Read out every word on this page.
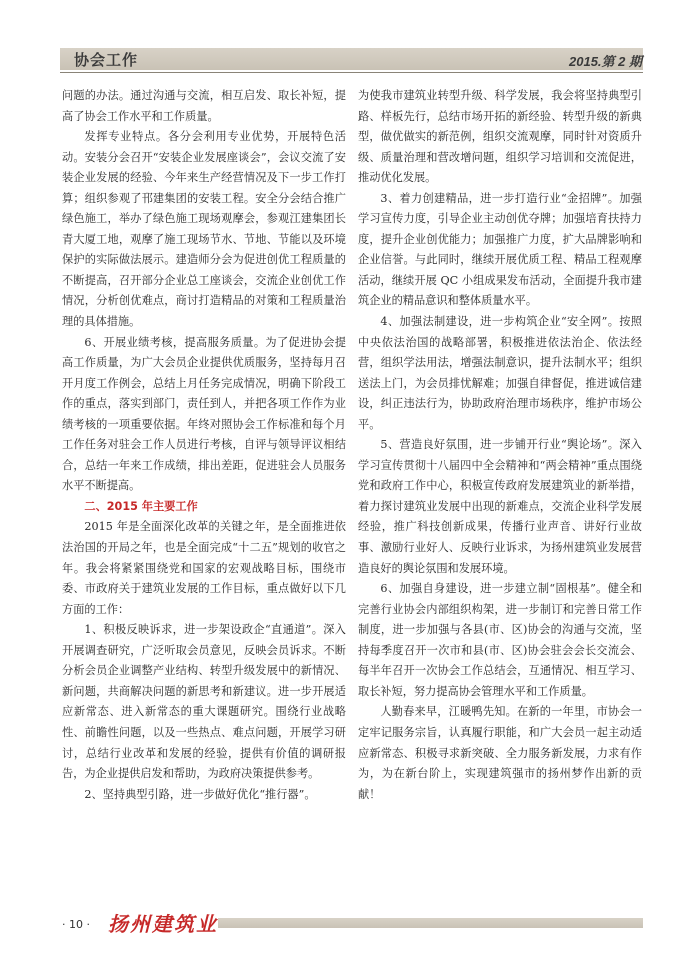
协会工作	2015.第 2 期

问题的办法。通过沟通与交流，相互启发、取长补短，提高了协会工作水平和工作质量。

发挥专业特点。各分会利用专业优势，开展特色活动。安装分会召开“安装企业发展座谈会”，会议交流了安装企业发展的经验、今年来生产经营情况及下一步工作打算；组织参观了邗建集团的安装工程。安全分会结合推广绿色施工，举办了绿色施工现场观摩会，参观江建集团长青大厦工地，观摩了施工现场节水、节地、节能以及环境保护的实际做法展示。建造师分会为促进创优工程质量的不断提高，召开部分企业总工座谈会，交流企业创优工作情况，分析创优难点，商讨打造精品的对策和工程质量治理的具体措施。

6、开展业绩考核，提高服务质量。为了促进协会提高工作质量，为广大会员企业提供优质服务，坚持每月召开月度工作例会，总结上月任务完成情况，明确下阶段工作的重点，落实到部门，责任到人，并把各项工作作为业绩考核的一项重要依据。年终对照协会工作标准和每个月工作任务对驻会工作人员进行考核，自评与领导评议相结合，总结一年来工作成绩，排出差距，促进驻会人员服务水平不断提高。

二、2015 年主要工作

2015 年是全面深化改革的关键之年，是全面推进依法治国的开局之年，也是全面完成“十二五”规划的收官之年。我会将紧紧围绕党和国家的宏观战略目标，围绕市委、市政府关于建筑业发展的工作目标，重点做好以下几方面的工作：

1、积极反映诉求，进一步架设政企“直通道”。深入开展调查研究，广泛听取会员意见，反映会员诉求。不断分析会员企业调整产业结构、转型升级发展中的新情况、新问题，共商解决问题的新思考和新建议。进一步开展适应新常态、进入新常态的重大课题研究。围绕行业战略性、前瞻性问题，以及一些热点、难点问题，开展学习研讨，总结行业改革和发展的经验，提供有价值的调研报告，为企业提供启发和帮助，为政府决策提供参考。

2、坚持典型引路，进一步做好优化“推行器”。

为使我市建筑业转型升级、科学发展，我会将坚持典型引路、样板先行，总结市场开拓的新经验、转型升级的新典型，做优做实的新范例，组织交流观摩，同时针对资质升级、质量治理和营改增问题，组织学习培训和交流促进，推动优化发展。

3、着力创建精品，进一步打造行业“金招牌”。加强学习宣传力度，引导企业主动创优夺牌；加强培育扶持力度，提升企业创优能力；加强推广力度，扩大品牌影响和企业信誉。与此同时，继续开展优质工程、精品工程观摩活动，继续开展 QC 小组成果发布活动，全面提升我市建筑企业的精品意识和整体质量水平。

4、加强法制建设，进一步构筑企业“安全网”。按照中央依法治国的战略部署，积极推进依法治企、依法经营，组织学法用法，增强法制意识，提升法制水平；组织送法上门，为会员排忧解难；加强自律督促，推进诚信建设，纠正违法行为，协助政府治理市场秩序，维护市场公平。

5、营造良好氛围，进一步铺开行业“舆论场”。深入学习宣传贯彻十八届四中全会精神和“两会精神”重点围绕党和政府工作中心，积极宣传政府发展建筑业的新举措，着力探讨建筑业发展中出现的新难点，交流企业科学发展经验，推广科技创新成果，传播行业声音、讲好行业故事、激励行业好人、反映行业诉求，为扬州建筑业发展营造良好的舆论氛围和发展环境。

6、加强自身建设，进一步建立制“固根基”。健全和完善行业协会内部组织构架，进一步制订和完善日常工作制度，进一步加强与各县(市、区)协会的沟通与交流，坚持每季度召开一次市和县(市、区)协会驻会会长交流会、每半年召开一次协会工作总结会，互通情况、相互学习、取长补短，努力提高协会管理水平和工作质量。

人勤春来早，江暖鸭先知。在新的一年里，市协会一定牢记服务宗旨，认真履行职能，和广大会员一起主动适应新常态、积极寻求新突破、全力服务新发展，力求有作为，为在新台阶上，实现建筑强市的扬州梦作出新的贡献！

· 10 · 扬州建筑业
